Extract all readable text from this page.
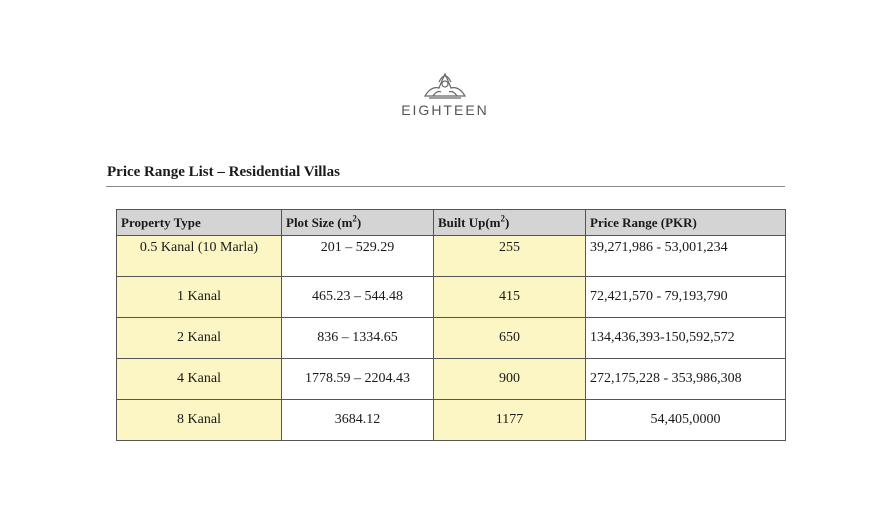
EIGHTEEN
Price Range List – Residential Villas
Property Type	Plot Size $(m^2)$	Built $Up(m^2)$	Price Range (PKR)
0.5 Kanal (10 Marla)	201 – 529.29	255	39,271,986 - 53,001,234
1 Kanal	465.23 – 544.48	415	72,421,570 - 79,193,790
2 Kanal	836 – 1334.65	650	134,436,393-150,592,572
4 Kanal	1778.59 – 2204.43	900	272,175,228 - 353,986,308
8 Kanal	3684.12	1177	54,405,0000
